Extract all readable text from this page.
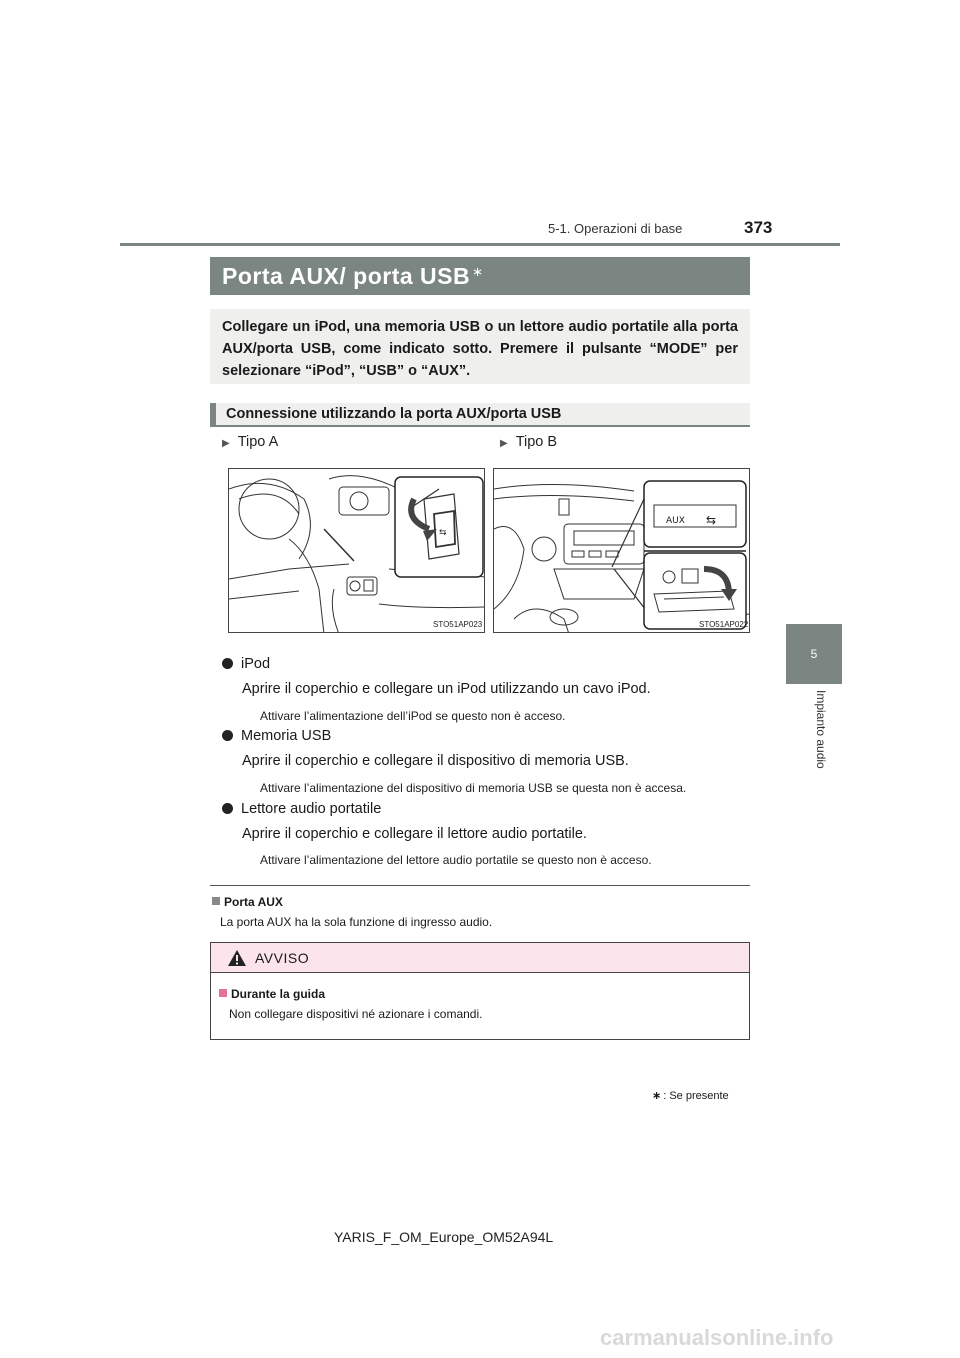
5-1. Operazioni di base	373
5
Impianto audio
Porta AUX/ porta USB∗
Collegare un iPod, una memoria USB o un lettore audio portatile alla porta AUX/porta USB, come indicato sotto. Premere il pulsante “MODE” per selezionare “iPod”, “USB” o “AUX”.
Connessione utilizzando la porta AUX/porta USB
▶ Tipo A	▶ Tipo B
⇆
STO51AP023
AUX ⇆
STO51AP022
iPod
Aprire il coperchio e collegare un iPod utilizzando un cavo iPod.
Attivare l’alimentazione dell’iPod se questo non è acceso.
Memoria USB
Aprire il coperchio e collegare il dispositivo di memoria USB.
Attivare l’alimentazione del dispositivo di memoria USB se questa non è accesa.
Lettore audio portatile
Aprire il coperchio e collegare il lettore audio portatile.
Attivare l’alimentazione del lettore audio portatile se questo non è acceso.
Porta AUX
La porta AUX ha la sola funzione di ingresso audio.
AVVISO
Durante la guida
Non collegare dispositivi né azionare i comandi.
∗ : Se presente
YARIS_F_OM_Europe_OM52A94L
carmanualsonline.info
